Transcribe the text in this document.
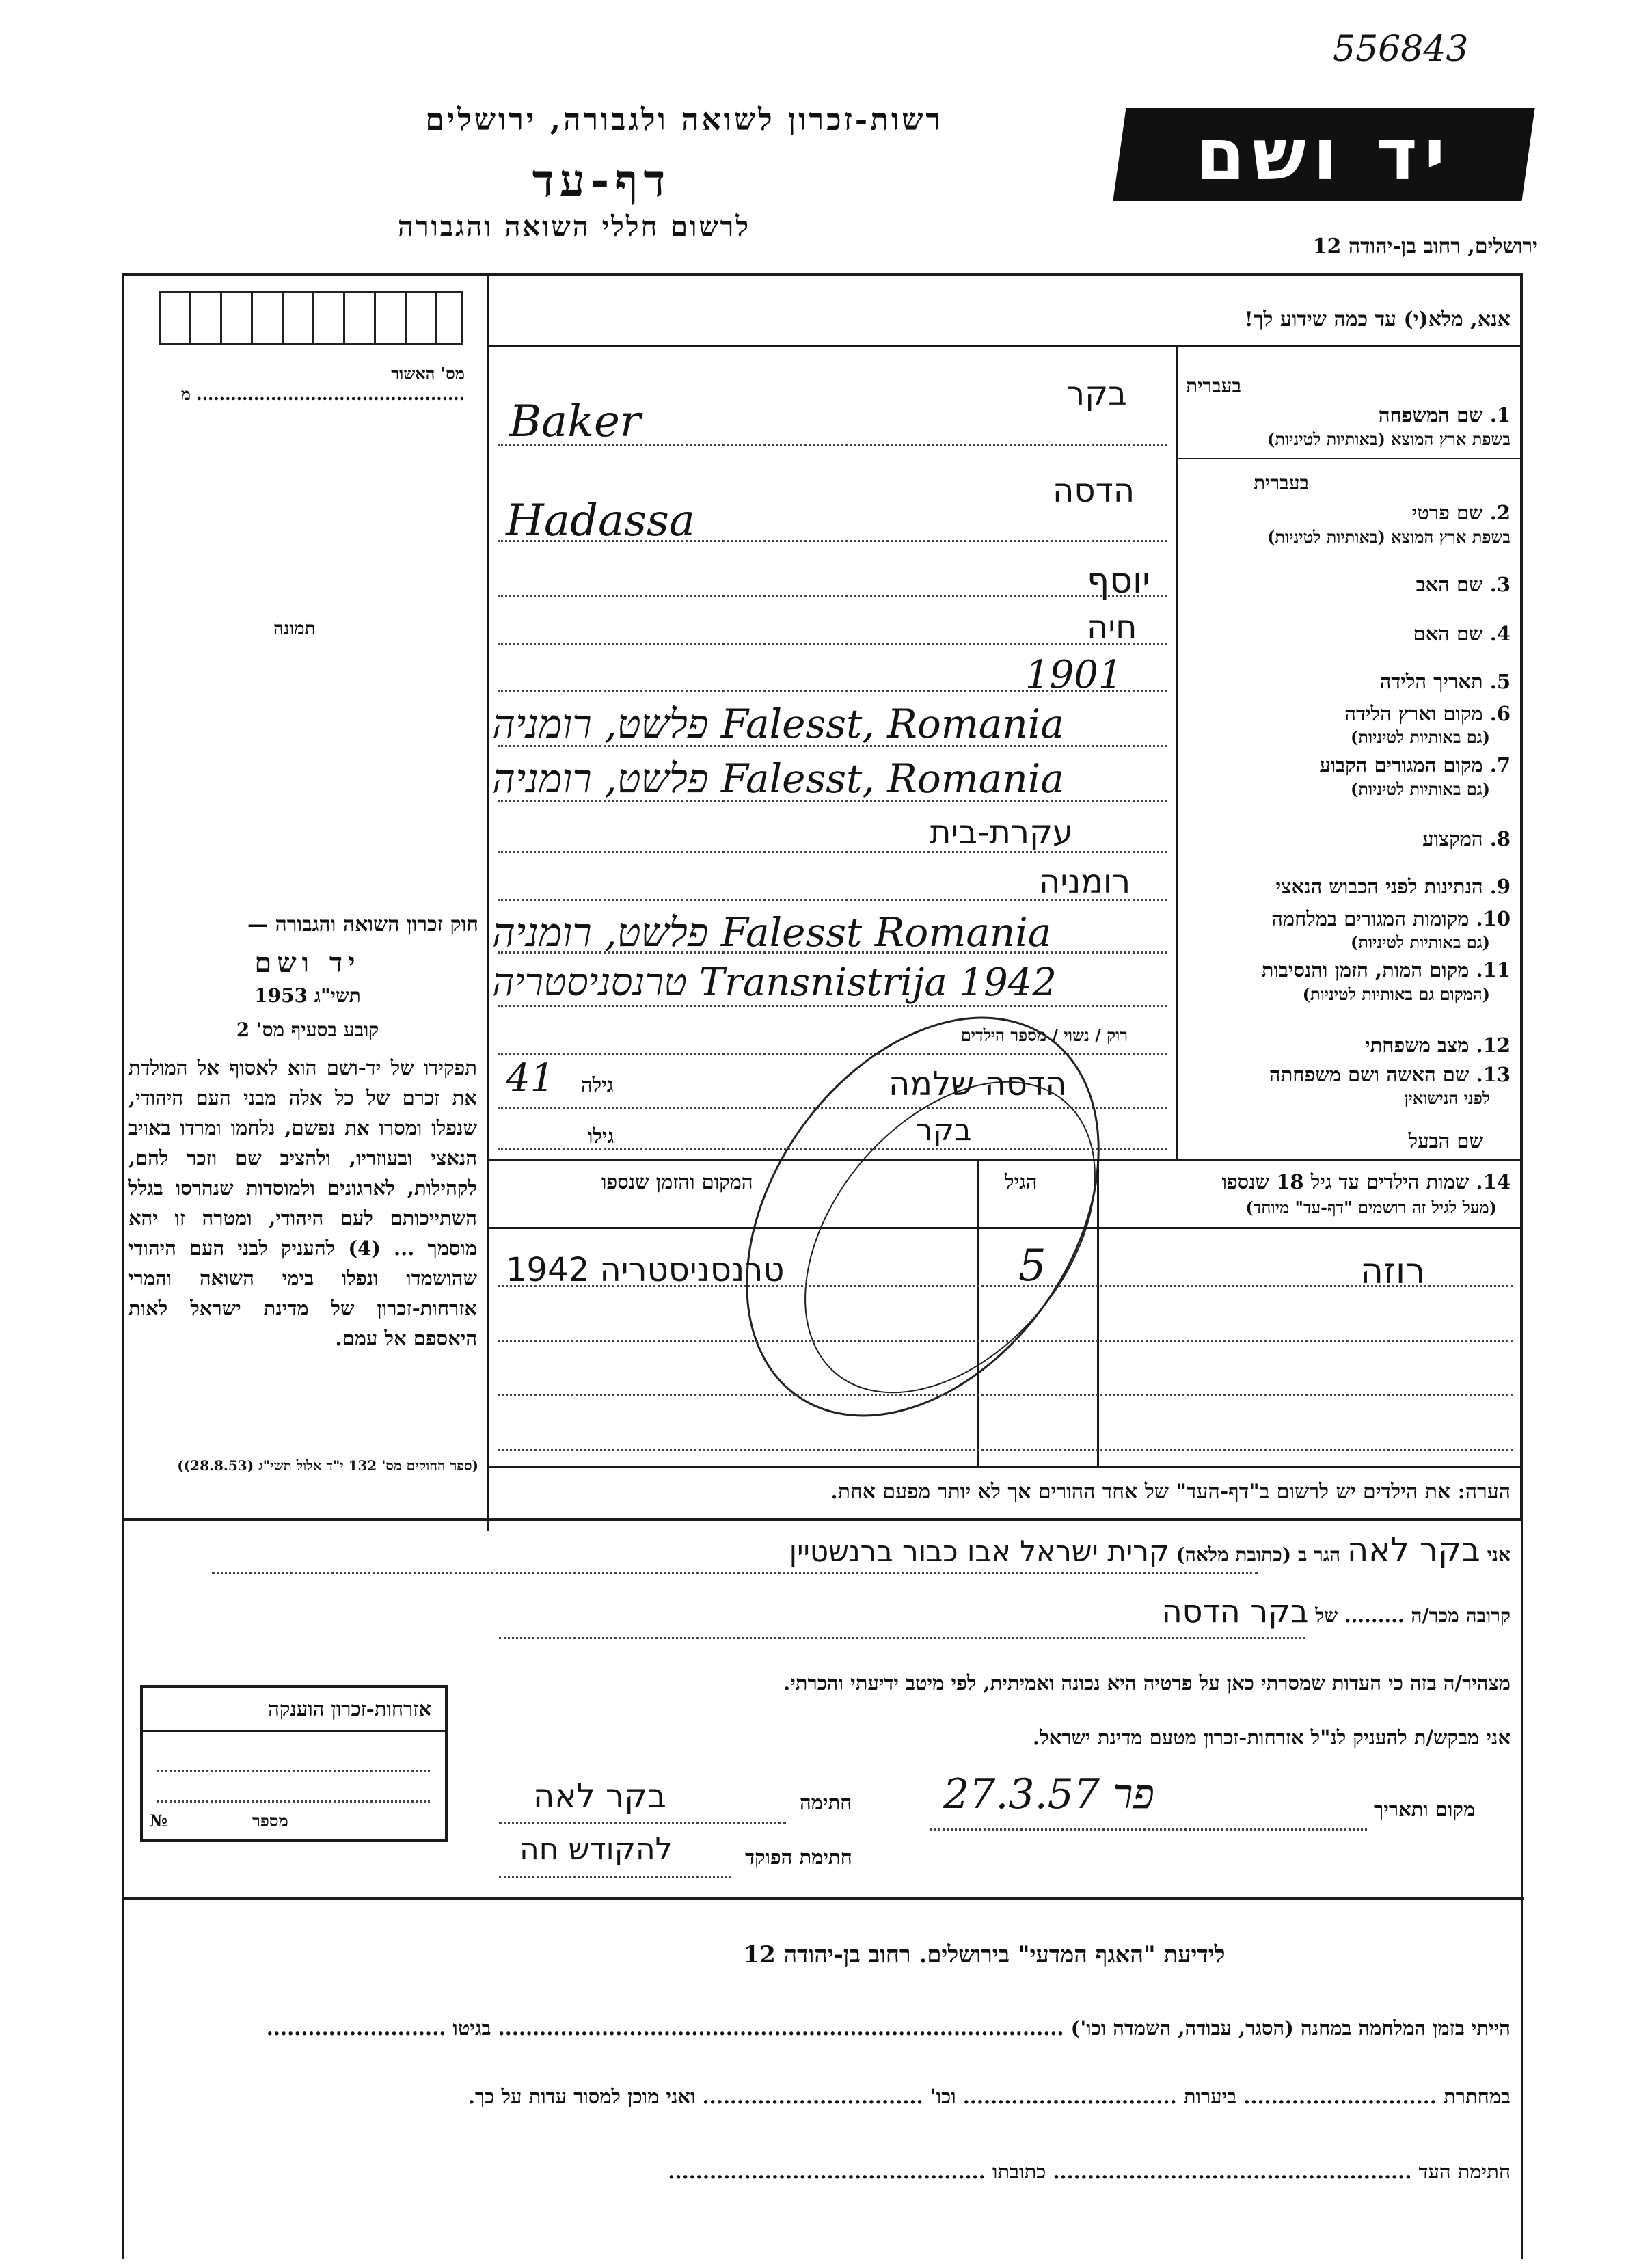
556843
רשות-זכרון לשואה ולגבורה, ירושלים
דף-עד
לרשום חללי השואה והגבורה
יד ושם
ירושלים, רחוב בן-יהודה 12
מס' האשור ............................................... מ
תמונה
אנא, מלא(י) עד כמה שידוע לך!
בעברית
1. שם המשפחה
בשפת ארץ המוצא (באותיות לטיניות)
בעברית
2. שם פרטי
בשפת ארץ המוצא (באותיות לטיניות)
3. שם האב
4. שם האם
5. תאריך הלידה
6. מקום וארץ הלידה
(גם באותיות לטיניות)
7. מקום המגורים הקבוע
(גם באותיות לטיניות)
8. המקצוע
9. הנתינות לפני הכבוש הנאצי
10. מקומות המגורים במלחמה
(גם באותיות לטיניות)
11. מקום המות, הזמן והנסיבות
(המקום גם באותיות לטיניות)
12. מצב משפחתי
13. שם האשה ושם משפחתה
לפני הנישואין
שם הבעל
בקר
Baker
הדסה
Hadassa
יוסף
חיה
1901
פלשט, רומניה Falesst, Romania
פלשט, רומניה Falesst, Romania
עקרת-בית
רומניה
פלשט, רומניה Falesst Romania
טרנסניסטריה Transnistrija 1942
רוק / נשוי / מספר הילדים
הדסה שלמה
גילה
41
בקר
גילו
14. שמות הילדים עד גיל 18 שנספו
(מעל לגיל זה רושמים "דף-עד" מיוחד)
הגיל
המקום והזמן שנספו
רוזה
5
טרנסניסטריה 1942
הערה: את הילדים יש לרשום ב"דף-העד" של אחד ההורים אך לא יותר מפעם אחת.
חוק זכרון השואה והגבורה —
יד ושם
תשי"ג 1953
קובע בסעיף מס' 2
תפקידו של יד-ושם הוא לאסוף אל המולדת את זכרם של כל אלה מבני העם היהודי, שנפלו ומסרו את נפשם, נלחמו ומרדו באויב הנאצי ובעוזריו, ולהציב שם וזכר להם, לקהילות, לארגונים ולמוסדות שנהרסו בגלל השתייכותם לעם היהודי, ומטרה זו יהא מוסמך ... (4) להעניק לבני העם היהודי שהושמדו ונפלו בימי השואה והמרי אזרחות-זכרון של מדינת ישראל לאות היאספם אל עמם.
(ספר החוקים מס' 132 י"ד אלול תשי"ג (28.8.53))
אני בקר לאה הגר ב (כתובת מלאה) קרית ישראל אבו כבור ברנשטיין
קרובה מכר/ה ......... של בקר הדסה
מצהיר/ה בזה כי העדות שמסרתי כאן על פרטיה היא נכונה ואמיתית, לפי מיטב ידיעתי והכרתי.
אני מבקש/ת להעניק לנ"ל אזרחות-זכרון מטעם מדינת ישראל.
מקום ותאריך
פר 27.3.57
חתימה
בקר לאה
חתימת הפוקד
להקודש חה
אזרחות-זכרון הוענקה
מספר
№
לידיעת "האגף המדעי" בירושלים. רחוב בן-יהודה 12
הייתי בזמן המלחמה במחנה (הסגר, עבודה, השמדה וכו') .................................................................................. בגיטו ..........................
במחתרת ............................ ביערות ............................... וכו' ................................ ואני מוכן למסור עדות על כך.
חתימת העד .................................................... כתובתו ..............................................
